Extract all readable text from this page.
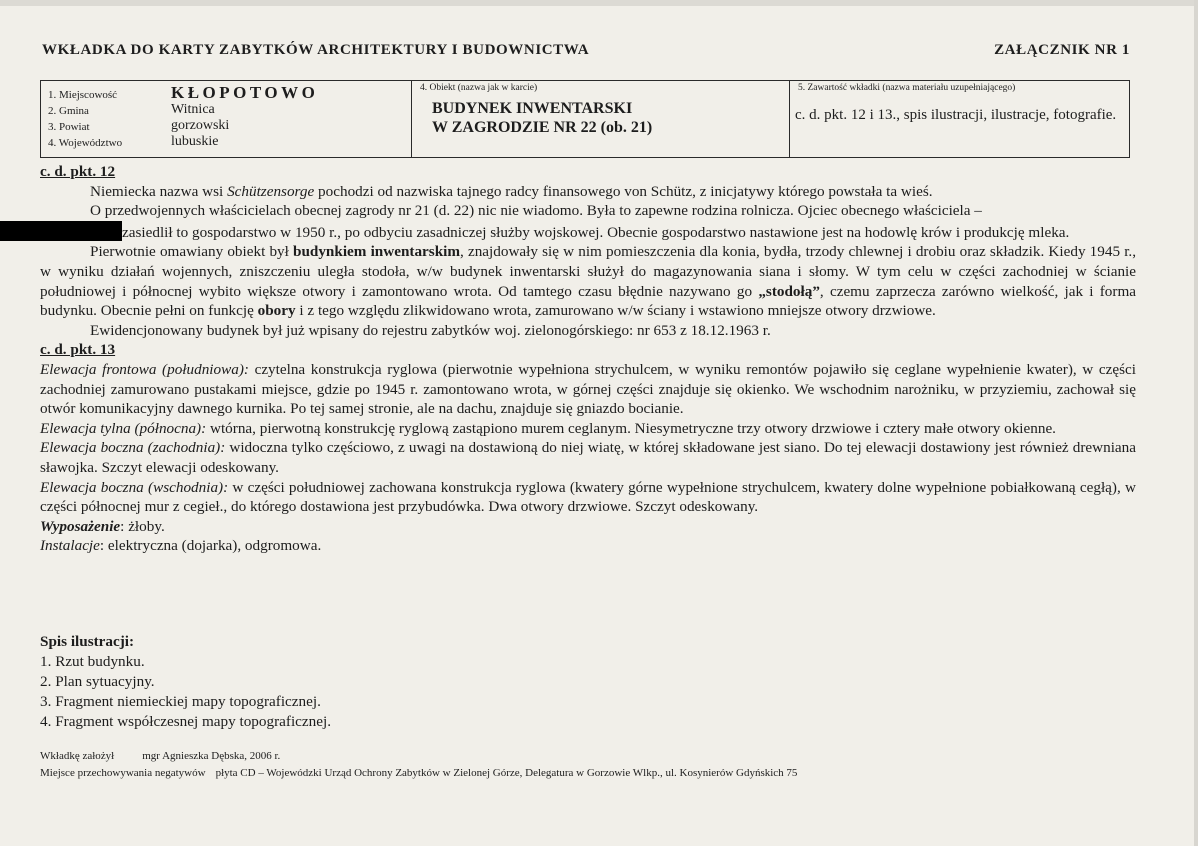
WKŁADKA DO KARTY ZABYTKÓW ARCHITEKTURY I BUDOWNICTWA	ZAŁĄCZNIK NR 1
1. Miejscowość
2. Gmina
3. Powiat
4. Województwo
KŁOPOTOWO
Witnica
gorzowski
lubuskie
4. Obiekt (nazwa jak w karcie)
BUDYNEK INWENTARSKI
W ZAGRODZIE NR 22 (ob. 21)
5. Zawartość wkładki (nazwa materiału uzupełniającego)
c. d. pkt. 12 i 13., spis ilustracji, ilustracje, fotografie.
c. d. pkt. 12

Niemiecka nazwa wsi Schützensorge pochodzi od nazwiska tajnego radcy finansowego von Schütz, z inicjatywy którego powstała ta wieś.

O przedwojennych właścicielach obecnej zagrody nr 21 (d. 22) nic nie wiadomo. Była to zapewne rodzina rolnicza. Ojciec obecnego właściciela –
zasiedlił to gospodarstwo w 1950 r., po odbyciu zasadniczej służby wojskowej. Obecnie gospodarstwo nastawione jest na hodowlę krów i produkcję mleka.

Pierwotnie omawiany obiekt był budynkiem inwentarskim, znajdowały się w nim pomieszczenia dla konia, bydła, trzody chlewnej i drobiu oraz składzik. Kiedy 1945 r., w wyniku działań wojennych, zniszczeniu uległa stodoła, w/w budynek inwentarski służył do magazynowania siana i słomy. W tym celu w części zachodniej w ścianie południowej i północnej wybito większe otwory i zamontowano wrota. Od tamtego czasu błędnie nazywano go „stodołą”, czemu zaprzecza zarówno wielkość, jak i forma budynku. Obecnie pełni on funkcję obory i z tego względu zlikwidowano wrota, zamurowano w/w ściany i wstawiono mniejsze otwory drzwiowe.

Ewidencjonowany budynek był już wpisany do rejestru zabytków woj. zielonogórskiego: nr 653 z 18.12.1963 r.

c. d. pkt. 13

Elewacja frontowa (południowa): czytelna konstrukcja ryglowa (pierwotnie wypełniona strychulcem, w wyniku remontów pojawiło się ceglane wypełnienie kwater), w części zachodniej zamurowano pustakami miejsce, gdzie po 1945 r. zamontowano wrota, w górnej części znajduje się okienko. We wschodnim narożniku, w przyziemiu, zachował się otwór komunikacyjny dawnego kurnika. Po tej samej stronie, ale na dachu, znajduje się gniazdo bocianie.

Elewacja tylna (północna): wtórna, pierwotną konstrukcję ryglową zastąpiono murem ceglanym. Niesymetryczne trzy otwory drzwiowe i cztery małe otwory okienne.

Elewacja boczna (zachodnia): widoczna tylko częściowo, z uwagi na dostawioną do niej wiatę, w której składowane jest siano. Do tej elewacji dostawiony jest również drewniana sławojka. Szczyt elewacji odeskowany.

Elewacja boczna (wschodnia): w części południowej zachowana konstrukcja ryglowa (kwatery górne wypełnione strychulcem, kwatery dolne wypełnione pobiałkowaną cegłą), w części północnej mur z cegieł., do którego dostawiona jest przybudówka. Dwa otwory drzwiowe. Szczyt odeskowany.

Wyposażenie: żłoby.

Instalacje: elektryczna (dojarka), odgromowa.

Spis ilustracji:
1. Rzut budynku.
2. Plan sytuacyjny.
3. Fragment niemieckiej mapy topograficznej.
4. Fragment współczesnej mapy topograficznej.
Wkładkę założył	mgr Agnieszka Dębska, 2006 r.
Miejsce przechowywania negatywów płyta CD – Wojewódzki Urząd Ochrony Zabytków w Zielonej Górze, Delegatura w Gorzowie Wlkp., ul. Kosynierów Gdyńskich 75
